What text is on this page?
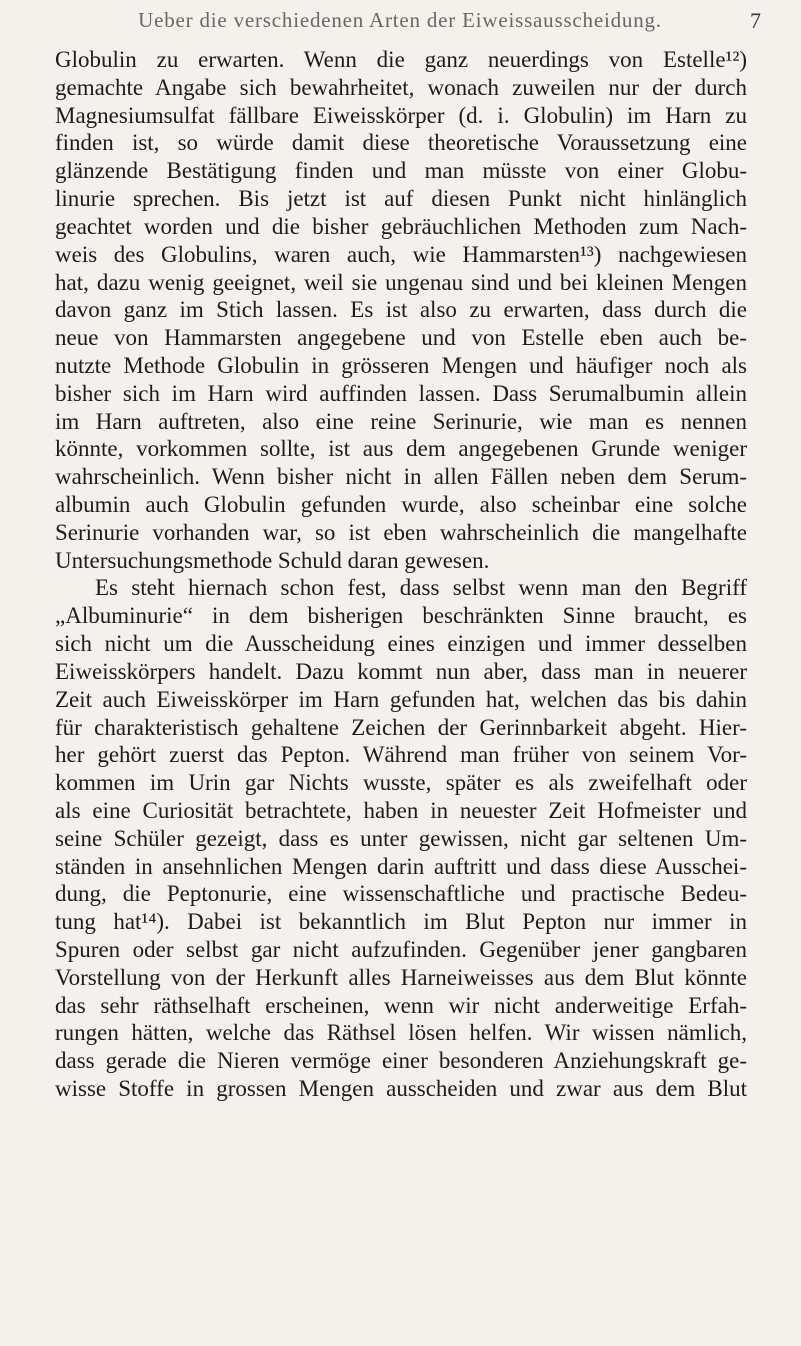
Ueber die verschiedenen Arten der Eiweissausscheidung.	7
Globulin zu erwarten. Wenn die ganz neuerdings von Estelle¹²)
gemachte Angabe sich bewahrheitet, wonach zuweilen nur der durch
Magnesiumsulfat fällbare Eiweisskörper (d. i. Globulin) im Harn zu
finden ist, so würde damit diese theoretische Voraussetzung eine
glänzende Bestätigung finden und man müsste von einer Globu-
linurie sprechen. Bis jetzt ist auf diesen Punkt nicht hinlänglich
geachtet worden und die bisher gebräuchlichen Methoden zum Nach-
weis des Globulins, waren auch, wie Hammarsten¹³) nachgewiesen
hat, dazu wenig geeignet, weil sie ungenau sind und bei kleinen Mengen
davon ganz im Stich lassen. Es ist also zu erwarten, dass durch die
neue von Hammarsten angegebene und von Estelle eben auch be-
nutzte Methode Globulin in grösseren Mengen und häufiger noch als
bisher sich im Harn wird auffinden lassen. Dass Serumalbumin allein
im Harn auftreten, also eine reine Serinurie, wie man es nennen
könnte, vorkommen sollte, ist aus dem angegebenen Grunde weniger
wahrscheinlich. Wenn bisher nicht in allen Fällen neben dem Serum-
albumin auch Globulin gefunden wurde, also scheinbar eine solche
Serinurie vorhanden war, so ist eben wahrscheinlich die mangelhafte
Untersuchungsmethode Schuld daran gewesen.
Es steht hiernach schon fest, dass selbst wenn man den Begriff
„Albuminurie“ in dem bisherigen beschränkten Sinne braucht, es
sich nicht um die Ausscheidung eines einzigen und immer desselben
Eiweisskörpers handelt. Dazu kommt nun aber, dass man in neuerer
Zeit auch Eiweisskörper im Harn gefunden hat, welchen das bis dahin
für charakteristisch gehaltene Zeichen der Gerinnbarkeit abgeht. Hier-
her gehört zuerst das Pepton. Während man früher von seinem Vor-
kommen im Urin gar Nichts wusste, später es als zweifelhaft oder
als eine Curiosität betrachtete, haben in neuester Zeit Hofmeister und
seine Schüler gezeigt, dass es unter gewissen, nicht gar seltenen Um-
ständen in ansehnlichen Mengen darin auftritt und dass diese Ausschei-
dung, die Peptonurie, eine wissenschaftliche und practische Bedeu-
tung hat¹⁴). Dabei ist bekanntlich im Blut Pepton nur immer in
Spuren oder selbst gar nicht aufzufinden. Gegenüber jener gangbaren
Vorstellung von der Herkunft alles Harneiweisses aus dem Blut könnte
das sehr räthselhaft erscheinen, wenn wir nicht anderweitige Erfah-
rungen hätten, welche das Räthsel lösen helfen. Wir wissen nämlich,
dass gerade die Nieren vermöge einer besonderen Anziehungskraft ge-
wisse Stoffe in grossen Mengen ausscheiden und zwar aus dem Blut
